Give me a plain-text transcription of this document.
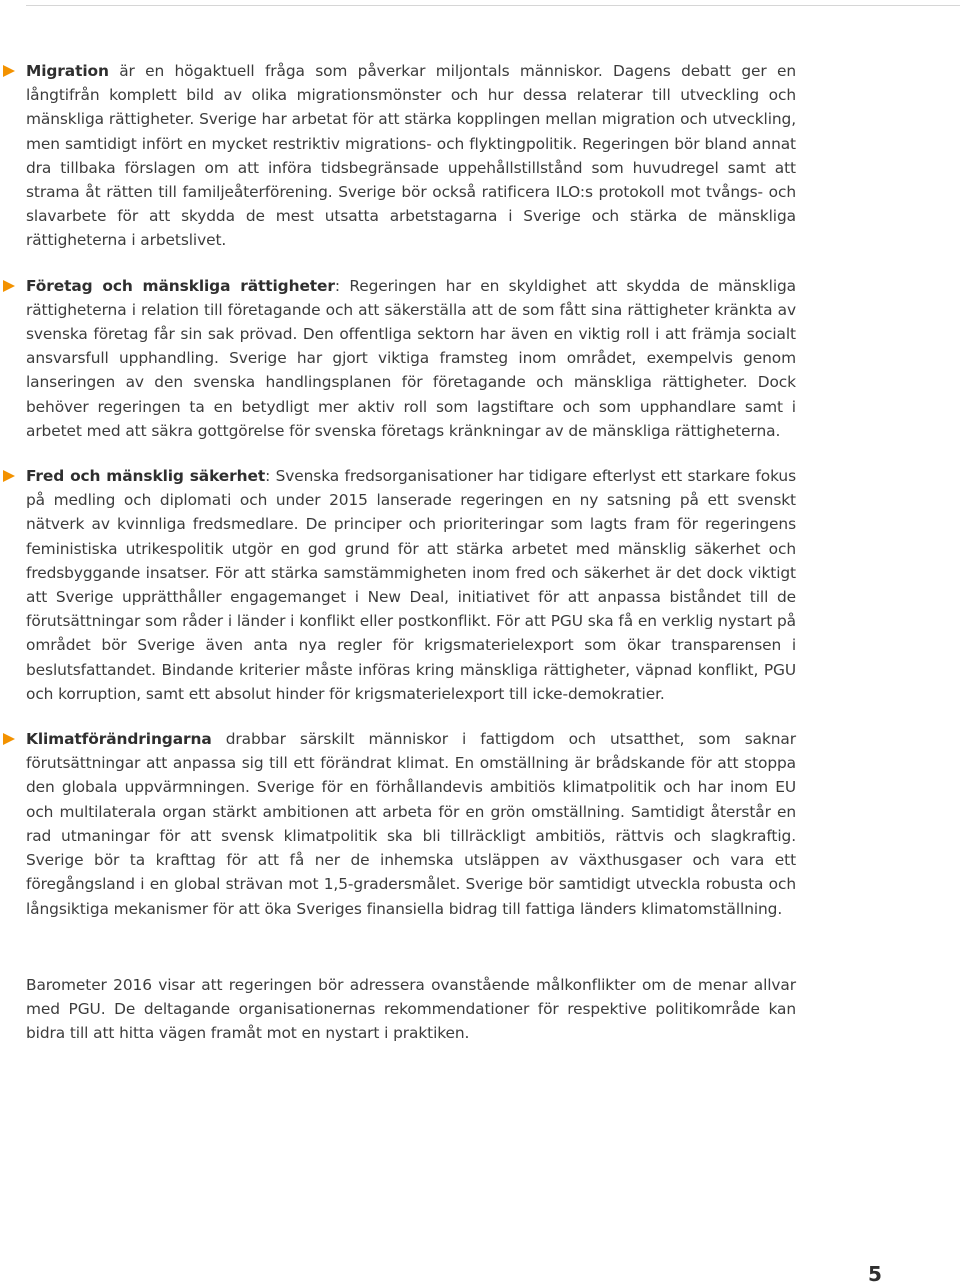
Migration är en högaktuell fråga som påverkar miljontals människor. Dagens debatt ger en långtifrån komplett bild av olika migrationsmönster och hur dessa relaterar till utveckling och mänskliga rättigheter. Sverige har arbetat för att stärka kopplingen mellan migration och utveckling, men samtidigt infört en mycket restriktiv migrations- och flyktingpolitik. Regeringen bör bland annat dra tillbaka förslagen om att införa tidsbegränsade uppehållstillstånd som huvudregel samt att strama åt rätten till familjeåterförening. Sverige bör också ratificera ILO:s protokoll mot tvångs- och slavarbete för att skydda de mest utsatta arbetstagarna i Sverige och stärka de mänskliga rättigheterna i arbetslivet.

Företag och mänskliga rättigheter: Regeringen har en skyldighet att skydda de mänskliga rättigheterna i relation till företagande och att säkerställa att de som fått sina rättigheter kränkta av svenska företag får sin sak prövad. Den offentliga sektorn har även en viktig roll i att främja socialt ansvarsfull upphandling. Sverige har gjort viktiga framsteg inom området, exempelvis genom lanseringen av den svenska handlingsplanen för företagande och mänskliga rättigheter. Dock behöver regeringen ta en betydligt mer aktiv roll som lagstiftare och som upphandlare samt i arbetet med att säkra gottgörelse för svenska företags kränkningar av de mänskliga rättigheterna.

Fred och mänsklig säkerhet: Svenska fredsorganisationer har tidigare efterlyst ett starkare fokus på medling och diplomati och under 2015 lanserade regeringen en ny satsning på ett svenskt nätverk av kvinnliga fredsmedlare. De principer och prioriteringar som lagts fram för regeringens feministiska utrikespolitik utgör en god grund för att stärka arbetet med mänsklig säkerhet och fredsbyggande insatser. För att stärka samstämmigheten inom fred och säkerhet är det dock viktigt att Sverige upprätthåller engagemanget i New Deal, initiativet för att anpassa biståndet till de förutsättningar som råder i länder i konflikt eller postkonflikt. För att PGU ska få en verklig nystart på området bör Sverige även anta nya regler för krigsmaterielexport som ökar transparensen i beslutsfattandet. Bindande kriterier måste införas kring mänskliga rättigheter, väpnad konflikt, PGU och korruption, samt ett absolut hinder för krigsmaterielexport till icke-demokratier.

Klimatförändringarna drabbar särskilt människor i fattigdom och utsatthet, som saknar förutsättningar att anpassa sig till ett förändrat klimat. En omställning är brådskande för att stoppa den globala uppvärmningen. Sverige för en förhållandevis ambitiös klimatpolitik och har inom EU och multilaterala organ stärkt ambitionen att arbeta för en grön omställning. Samtidigt återstår en rad utmaningar för att svensk klimatpolitik ska bli tillräckligt ambitiös, rättvis och slagkraftig. Sverige bör ta krafttag för att få ner de inhemska utsläppen av växthusgaser och vara ett föregångsland i en global strävan mot 1,5-gradersmålet. Sverige bör samtidigt utveckla robusta och långsiktiga mekanismer för att öka Sveriges finansiella bidrag till fattiga länders klimatomställning.

Barometer 2016 visar att regeringen bör adressera ovanstående målkonflikter om de menar allvar med PGU. De deltagande organisationernas rekommendationer för respektive politikområde kan bidra till att hitta vägen framåt mot en nystart i praktiken.

5
